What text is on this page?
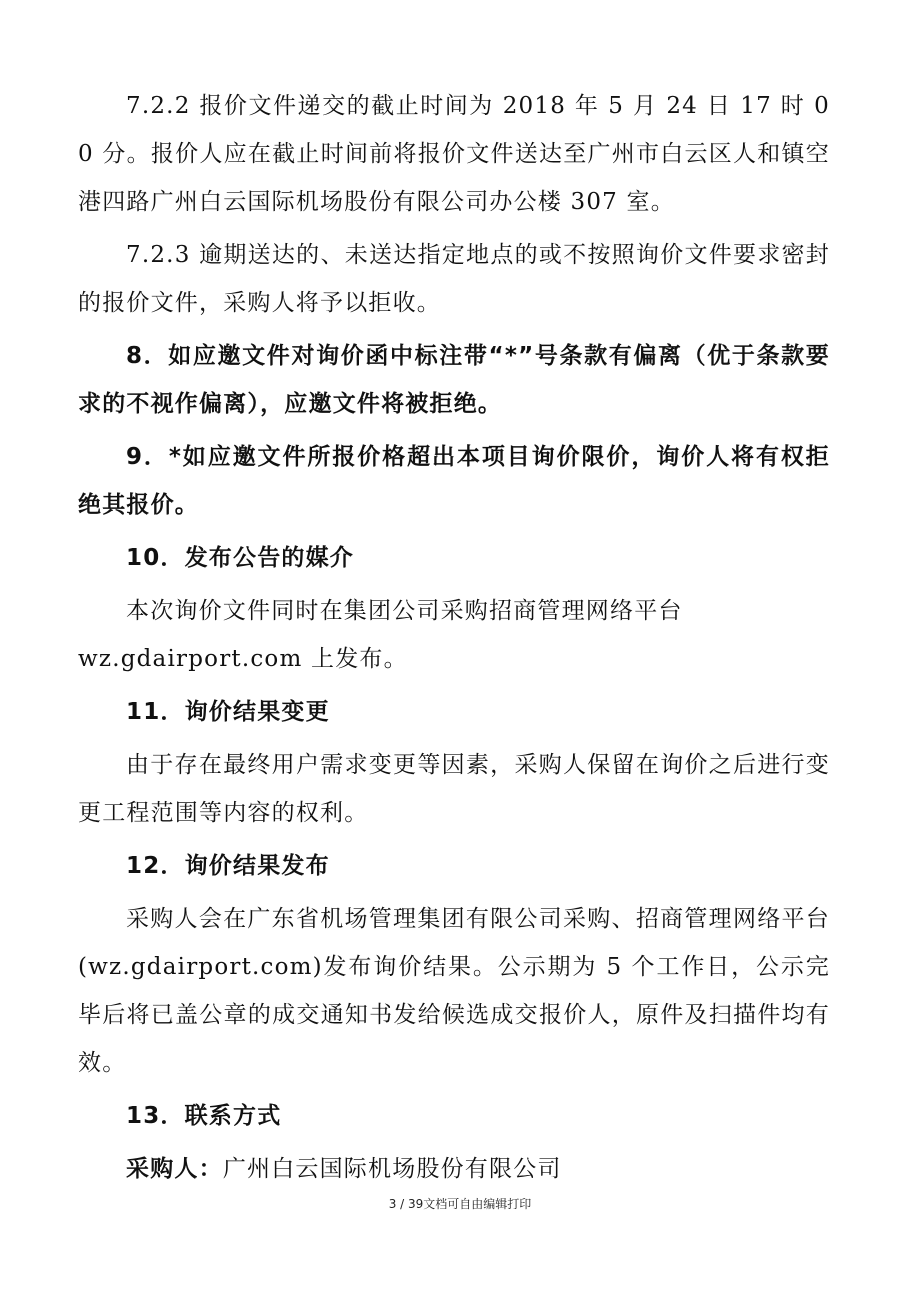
7.2.2 报价文件递交的截止时间为 2018 年 5 月 24 日 17 时 00 分。报价人应在截止时间前将报价文件送达至广州市白云区人和镇空港四路广州白云国际机场股份有限公司办公楼 307 室。

7.2.3 逾期送达的、未送达指定地点的或不按照询价文件要求密封的报价文件，采购人将予以拒收。

8．如应邀文件对询价函中标注带“*”号条款有偏离（优于条款要求的不视作偏离），应邀文件将被拒绝。

9．*如应邀文件所报价格超出本项目询价限价，询价人将有权拒绝其报价。

10．发布公告的媒介

本次询价文件同时在集团公司采购招商管理网络平台

wz.gdairport.com 上发布。

11．询价结果变更

由于存在最终用户需求变更等因素，采购人保留在询价之后进行变更工程范围等内容的权利。

12．询价结果发布

采购人会在广东省机场管理集团有限公司采购、招商管理网络平台(wz.gdairport.com)发布询价结果。公示期为 5 个工作日，公示完毕后将已盖公章的成交通知书发给候选成交报价人，原件及扫描件均有效。

13．联系方式

采购人：广州白云国际机场股份有限公司

3 / 39文档可自由编辑打印
